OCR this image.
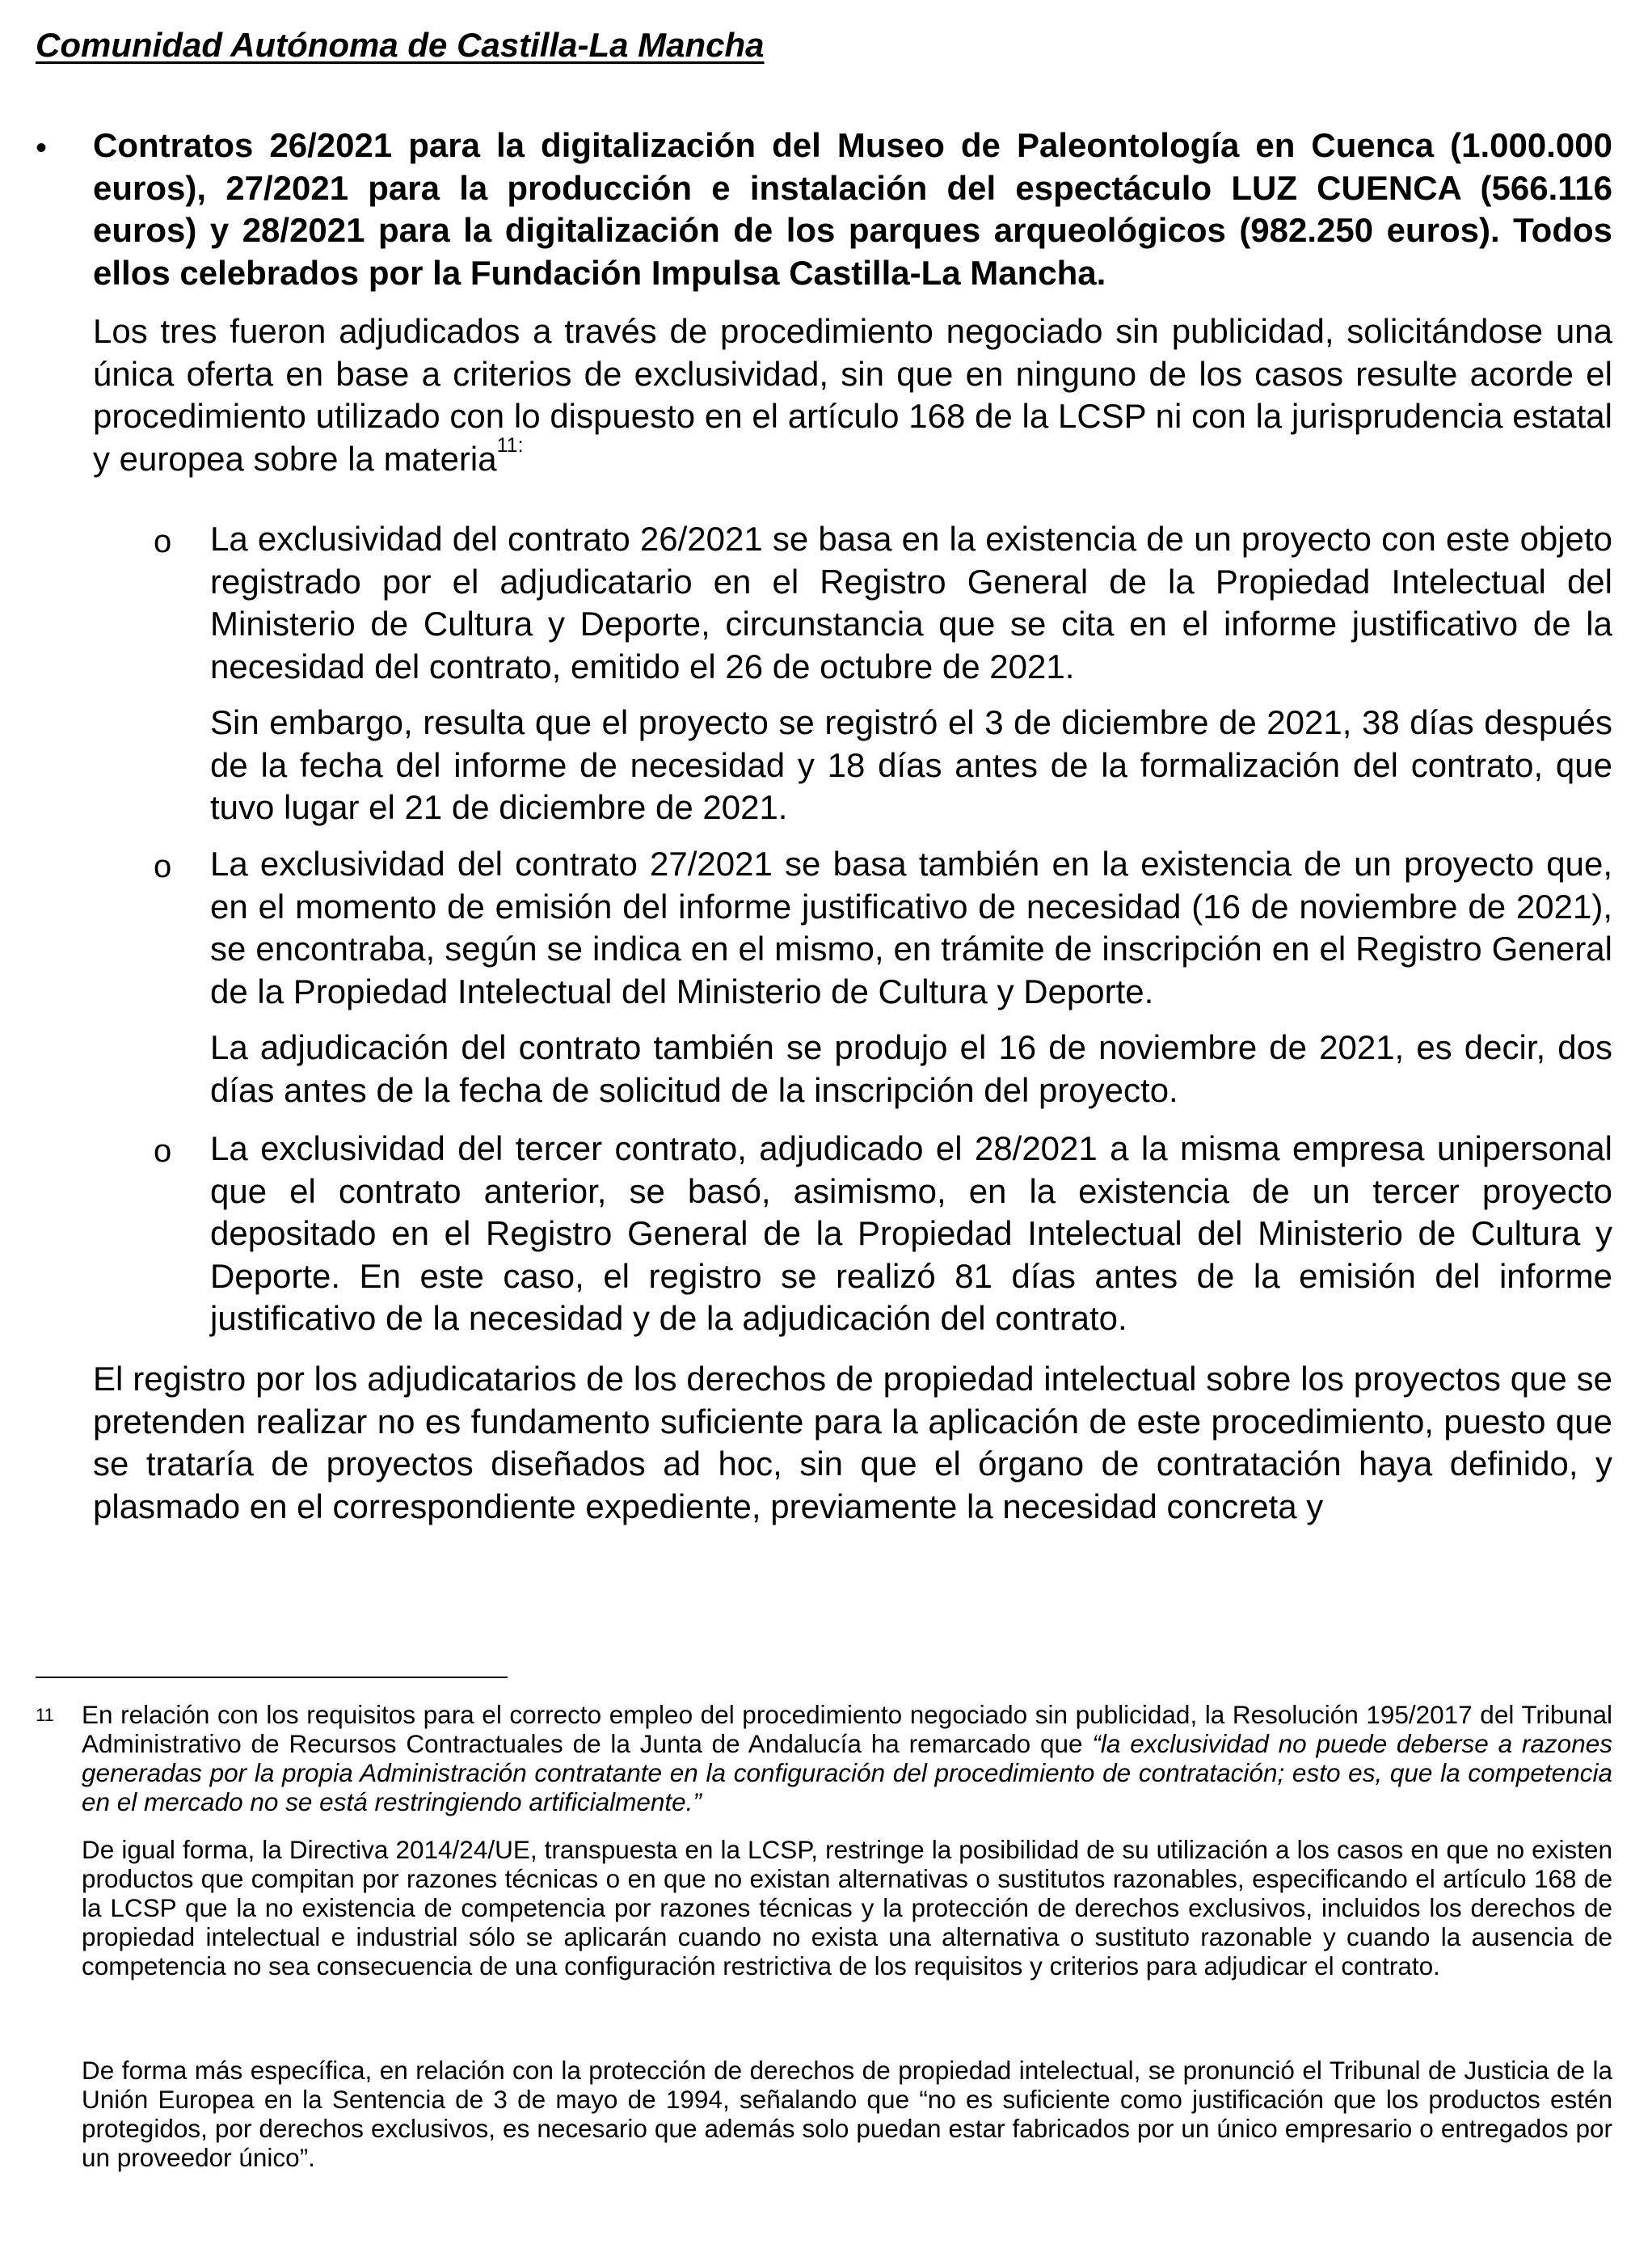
Comunidad Autónoma de Castilla-La Mancha
• Contratos 26/2021 para la digitalización del Museo de Paleontología en Cuenca (1.000.000 euros), 27/2021 para la producción e instalación del espectáculo LUZ CUENCA (566.116 euros) y 28/2021 para la digitalización de los parques arqueológicos (982.250 euros). Todos ellos celebrados por la Fundación Impulsa Castilla-La Mancha.
Los tres fueron adjudicados a través de procedimiento negociado sin publicidad, solicitándose una única oferta en base a criterios de exclusividad, sin que en ninguno de los casos resulte acorde el procedimiento utilizado con lo dispuesto en el artículo 168 de la LCSP ni con la jurisprudencia estatal y europea sobre la materia$^{11:}$
o La exclusividad del contrato 26/2021 se basa en la existencia de un proyecto con este objeto registrado por el adjudicatario en el Registro General de la Propiedad Intelectual del Ministerio de Cultura y Deporte, circunstancia que se cita en el informe justificativo de la necesidad del contrato, emitido el 26 de octubre de 2021.
Sin embargo, resulta que el proyecto se registró el 3 de diciembre de 2021, 38 días después de la fecha del informe de necesidad y 18 días antes de la formalización del contrato, que tuvo lugar el 21 de diciembre de 2021.
o La exclusividad del contrato 27/2021 se basa también en la existencia de un proyecto que, en el momento de emisión del informe justificativo de necesidad (16 de noviembre de 2021), se encontraba, según se indica en el mismo, en trámite de inscripción en el Registro General de la Propiedad Intelectual del Ministerio de Cultura y Deporte.
La adjudicación del contrato también se produjo el 16 de noviembre de 2021, es decir, dos días antes de la fecha de solicitud de la inscripción del proyecto.
o La exclusividad del tercer contrato, adjudicado el 28/2021 a la misma empresa unipersonal que el contrato anterior, se basó, asimismo, en la existencia de un tercer proyecto depositado en el Registro General de la Propiedad Intelectual del Ministerio de Cultura y Deporte. En este caso, el registro se realizó 81 días antes de la emisión del informe justificativo de la necesidad y de la adjudicación del contrato.
El registro por los adjudicatarios de los derechos de propiedad intelectual sobre los proyectos que se pretenden realizar no es fundamento suficiente para la aplicación de este procedimiento, puesto que se trataría de proyectos diseñados ad hoc, sin que el órgano de contratación haya definido, y plasmado en el correspondiente expediente, previamente la necesidad concreta y
11 En relación con los requisitos para el correcto empleo del procedimiento negociado sin publicidad, la Resolución 195/2017 del Tribunal Administrativo de Recursos Contractuales de la Junta de Andalucía ha remarcado que “la exclusividad no puede deberse a razones generadas por la propia Administración contratante en la configuración del procedimiento de contratación; esto es, que la competencia en el mercado no se está restringiendo artificialmente.”
De igual forma, la Directiva 2014/24/UE, transpuesta en la LCSP, restringe la posibilidad de su utilización a los casos en que no existen productos que compitan por razones técnicas o en que no existan alternativas o sustitutos razonables, especificando el artículo 168 de la LCSP que la no existencia de competencia por razones técnicas y la protección de derechos exclusivos, incluidos los derechos de propiedad intelectual e industrial sólo se aplicarán cuando no exista una alternativa o sustituto razonable y cuando la ausencia de competencia no sea consecuencia de una configuración restrictiva de los requisitos y criterios para adjudicar el contrato.
De forma más específica, en relación con la protección de derechos de propiedad intelectual, se pronunció el Tribunal de Justicia de la Unión Europea en la Sentencia de 3 de mayo de 1994, señalando que “no es suficiente como justificación que los productos estén protegidos, por derechos exclusivos, es necesario que además solo puedan estar fabricados por un único empresario o entregados por un proveedor único”.
